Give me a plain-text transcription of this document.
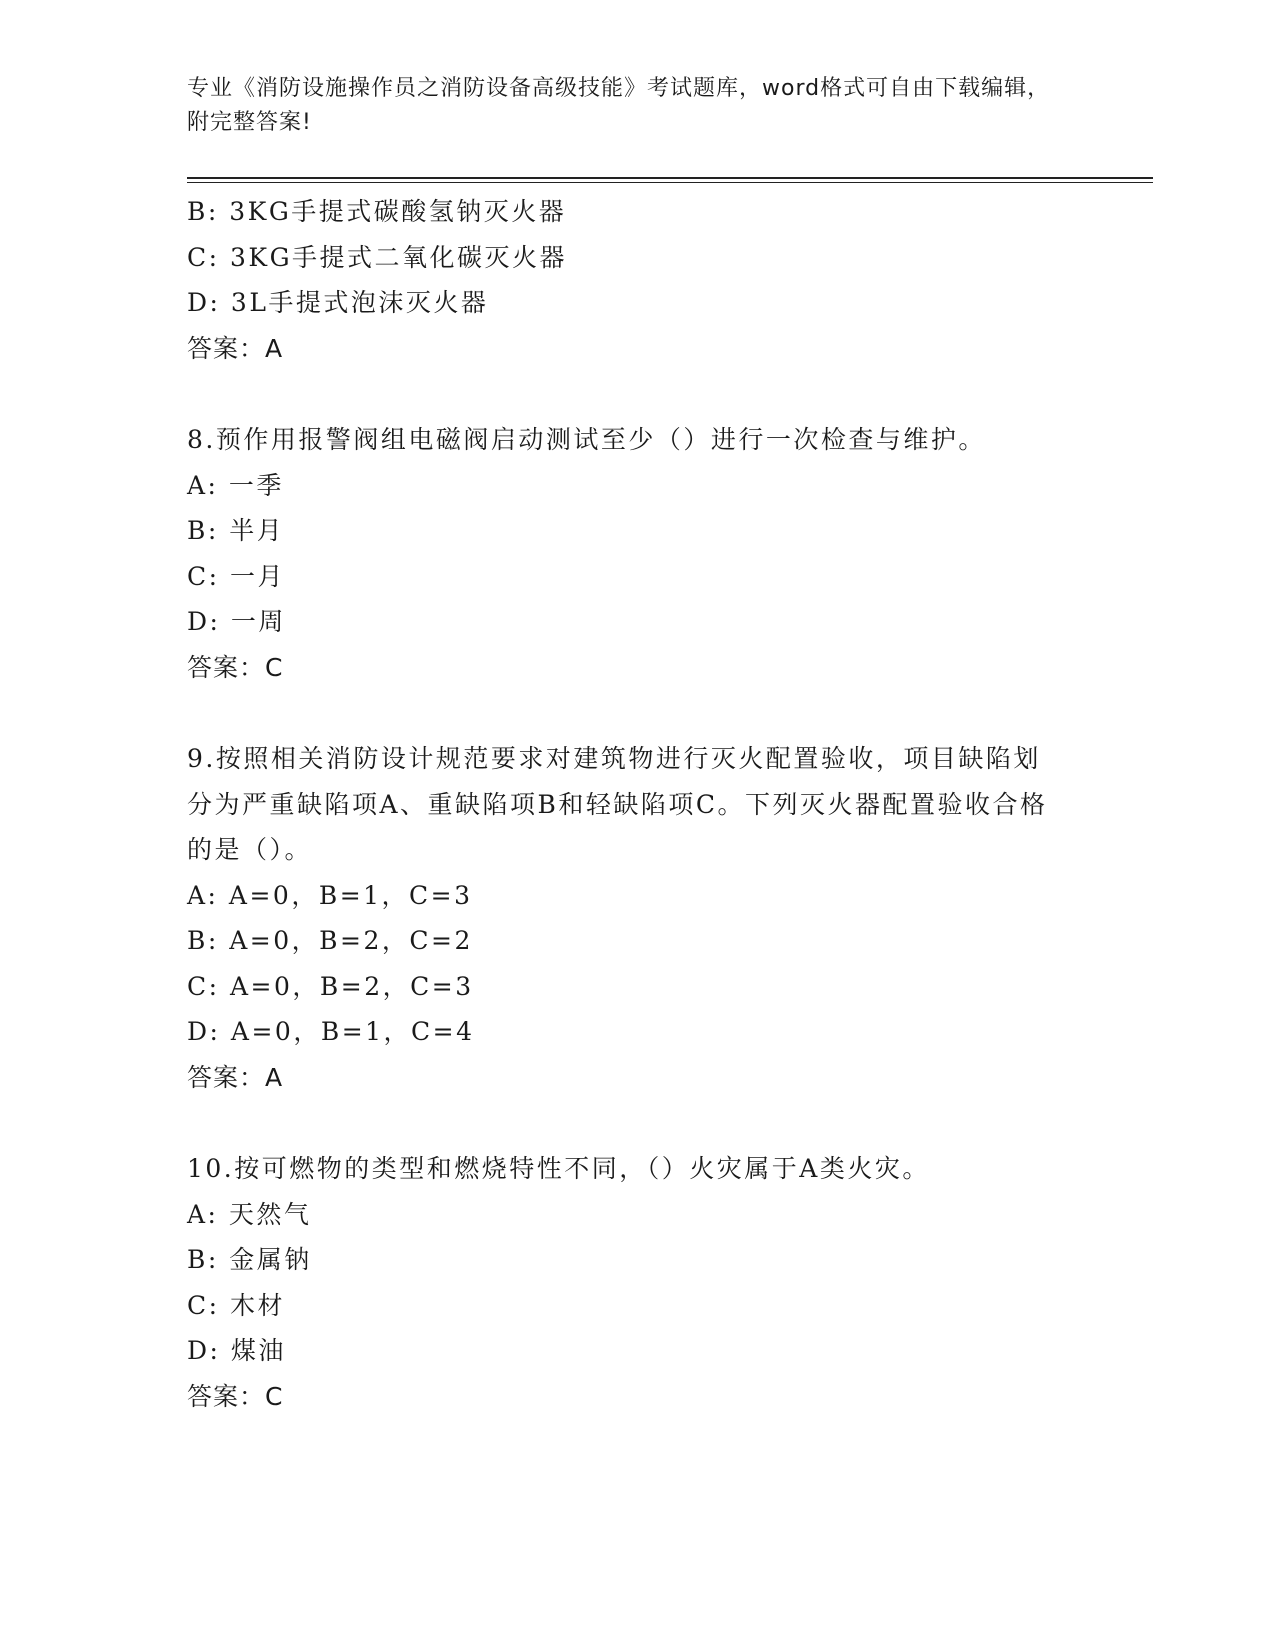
专业《消防设施操作员之消防设备高级技能》考试题库，word格式可自由下载编辑，附完整答案!
B: 3KG手提式碳酸氢钠灭火器
C: 3KG手提式二氧化碳灭火器
D: 3L手提式泡沫灭火器
答案：A
8.预作用报警阀组电磁阀启动测试至少（）进行一次检查与维护。
A: 一季
B: 半月
C: 一月
D: 一周
答案：C
9.按照相关消防设计规范要求对建筑物进行灭火配置验收，项目缺陷划分为严重缺陷项A、重缺陷项B和轻缺陷项C。下列灭火器配置验收合格的是（）。
A: A=0，B=1，C=3
B: A=0，B=2，C=2
C: A=0，B=2，C=3
D: A=0，B=1，C=4
答案：A
10.按可燃物的类型和燃烧特性不同，（）火灾属于A类火灾。
A: 天然气
B: 金属钠
C: 木材
D: 煤油
答案：C
